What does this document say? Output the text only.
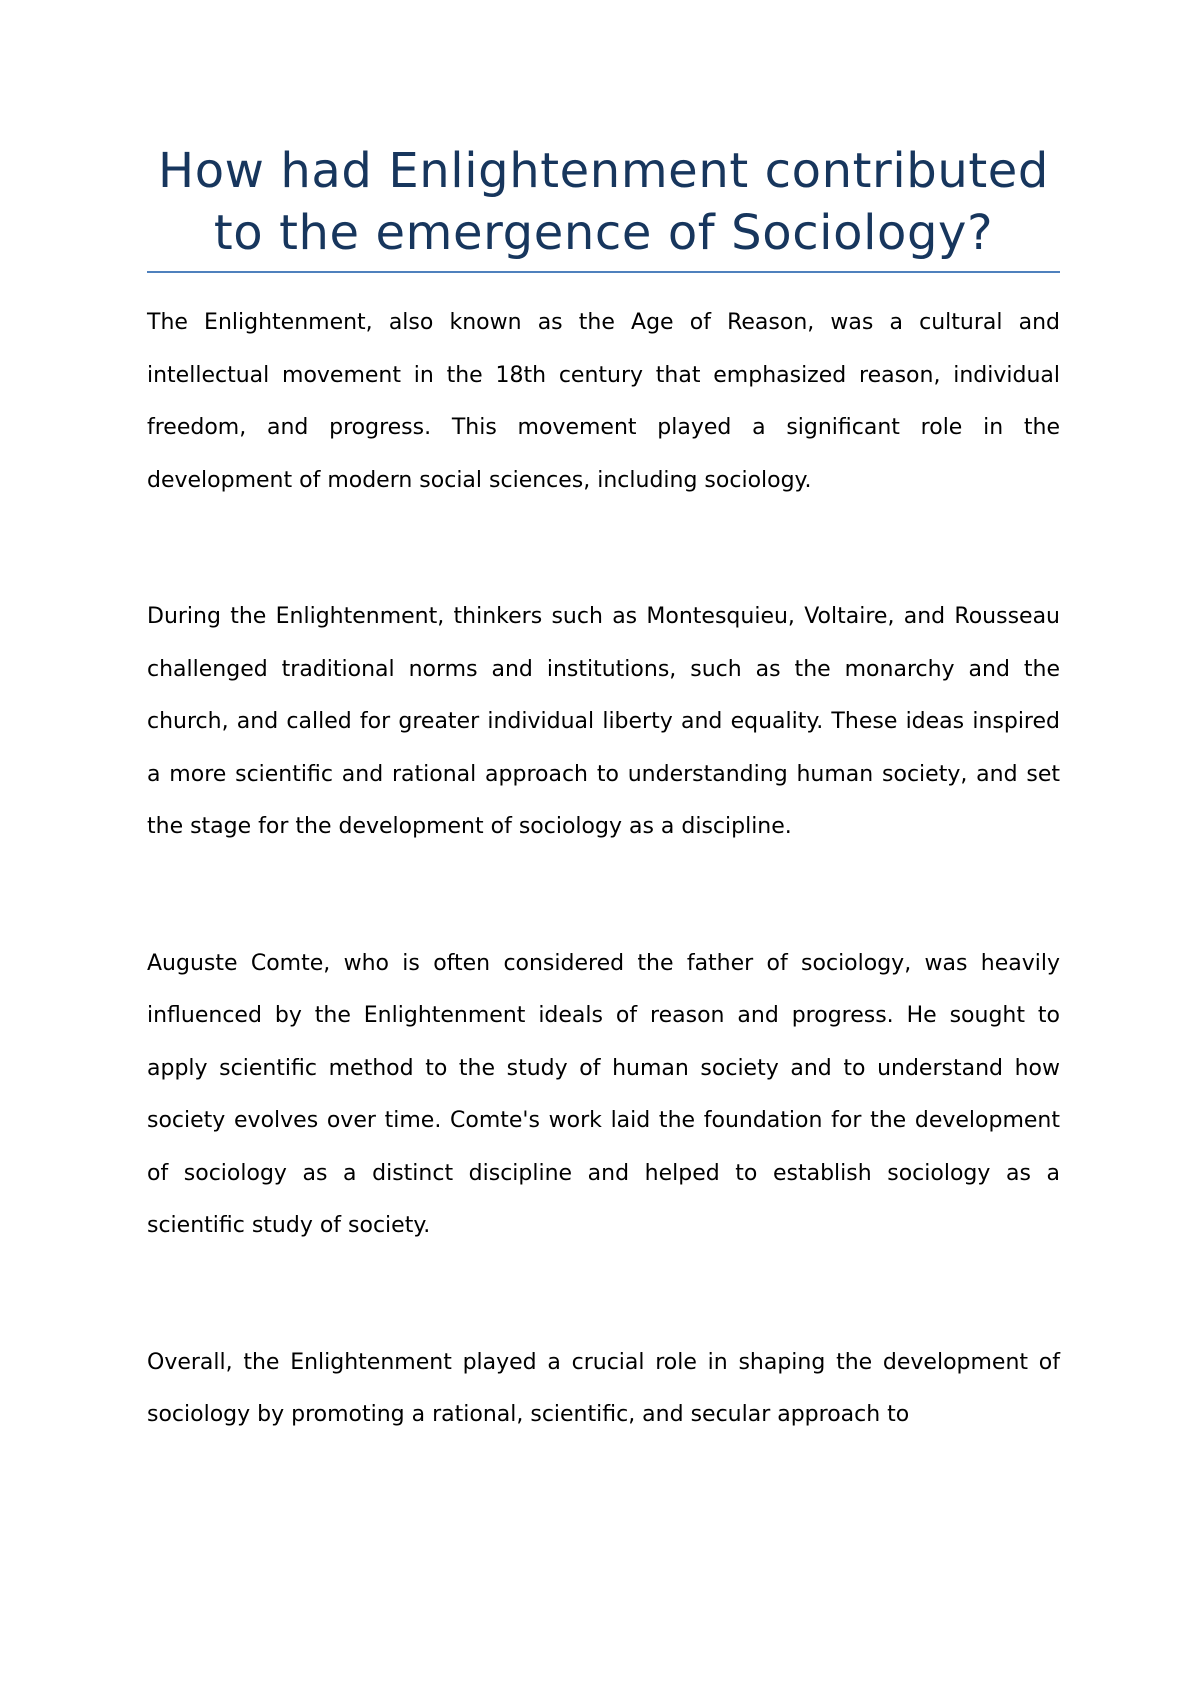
How had Enlightenment contributed to the emergence of Sociology?

The Enlightenment, also known as the Age of Reason, was a cultural and intellectual movement in the 18th century that emphasized reason, individual freedom, and progress. This movement played a significant role in the development of modern social sciences, including sociology.

During the Enlightenment, thinkers such as Montesquieu, Voltaire, and Rousseau challenged traditional norms and institutions, such as the monarchy and the church, and called for greater individual liberty and equality. These ideas inspired a more scientific and rational approach to understanding human society, and set the stage for the development of sociology as a discipline.

Auguste Comte, who is often considered the father of sociology, was heavily influenced by the Enlightenment ideals of reason and progress. He sought to apply scientific method to the study of human society and to understand how society evolves over time. Comte's work laid the foundation for the development of sociology as a distinct discipline and helped to establish sociology as a scientific study of society.

Overall, the Enlightenment played a crucial role in shaping the development of sociology by promoting a rational, scientific, and secular approach to
